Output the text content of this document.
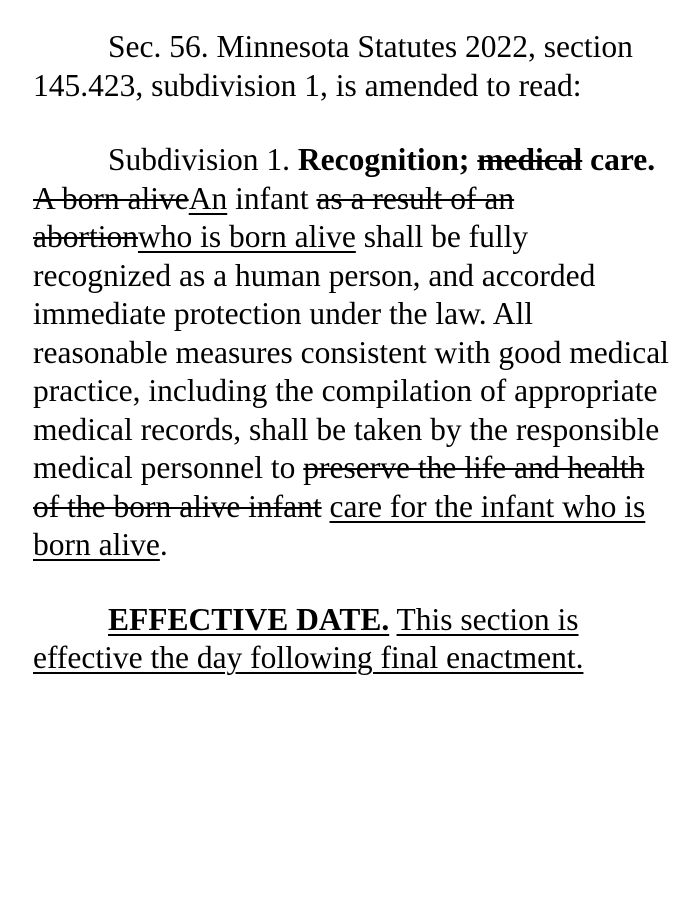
Sec. 56. Minnesota Statutes 2022, section 145.423, subdivision 1, is amended to read:

Subdivision 1. Recognition; medical care. A born aliveAn infant as a result of an abortionwho is born alive shall be fully recognized as a human person, and accorded immediate protection under the law. All reasonable measures consistent with good medical practice, including the compilation of appropriate medical records, shall be taken by the responsible medical personnel to preserve the life and health of the born alive infant care for the infant who is born alive.

EFFECTIVE DATE. This section is effective the day following final enactment.
